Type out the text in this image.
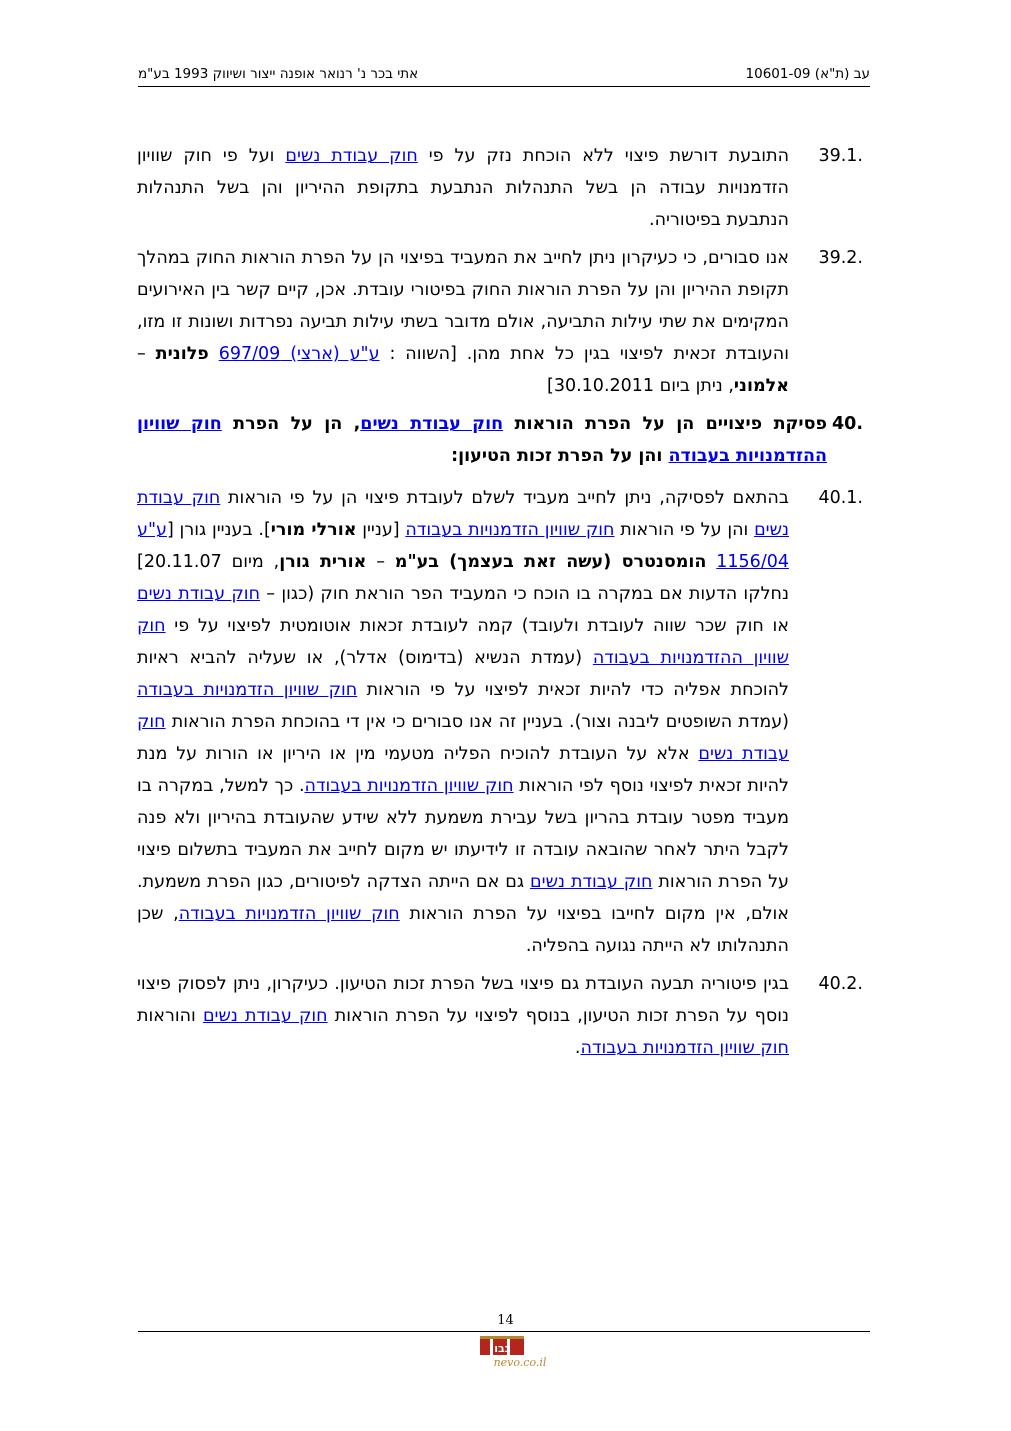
עב (ת"א) 10601-09
אתי בכר נ' רנואר אופנה ייצור ושיווק 1993 בע"מ
39.1.
התובעת דורשת פיצוי ללא הוכחת נזק על פי חוק עבודת נשים ועל פי חוק שוויון הזדמנויות עבודה הן בשל התנהלות הנתבעת בתקופת ההיריון והן בשל התנהלות הנתבעת בפיטוריה.
39.2.
אנו סבורים, כי כעיקרון ניתן לחייב את המעביד בפיצוי הן על הפרת הוראות החוק במהלך תקופת ההיריון והן על הפרת הוראות החוק בפיטורי עובדת. אכן, קיים קשר בין האירועים המקימים את שתי עילות התביעה, אולם מדובר בשתי עילות תביעה נפרדות ושונות זו מזו, והעובדת זכאית לפיצוי בגין כל אחת מהן. [השווה : ע"ע (ארצי) 697/09 פלונית – אלמוני, ניתן ביום 30.10.2011]
40.
פסיקת פיצויים הן על הפרת הוראות חוק עבודת נשים, הן על הפרת חוק שוויון ההזדמנויות בעבודה והן על הפרת זכות הטיעון:
40.1.
בהתאם לפסיקה, ניתן לחייב מעביד לשלם לעובדת פיצוי הן על פי הוראות חוק עבודת נשים והן על פי הוראות חוק שוויון הזדמנויות בעבודה [עניין אורלי מורי]. בעניין גורן [ע"ע 1156/04 הומסנטרס (עשה זאת בעצמך) בע"מ – אורית גורן, מיום 20.11.07] נחלקו הדעות אם במקרה בו הוכח כי המעביד הפר הוראת חוק (כגון – חוק עבודת נשים או חוק שכר שווה לעובדת ולעובד) קמה לעובדת זכאות אוטומטית לפיצוי על פי חוק שוויון ההזדמנויות בעבודה (עמדת הנשיא (בדימוס) אדלר), או שעליה להביא ראיות להוכחת אפליה כדי להיות זכאית לפיצוי על פי הוראות חוק שוויון הזדמנויות בעבודה (עמדת השופטים ליבנה וצור). בעניין זה אנו סבורים כי אין די בהוכחת הפרת הוראות חוק עבודת נשים אלא על העובדת להוכיח הפליה מטעמי מין או היריון או הורות על מנת להיות זכאית לפיצוי נוסף לפי הוראות חוק שוויון הזדמנויות בעבודה. כך למשל, במקרה בו מעביד מפטר עובדת בהריון בשל עבירת משמעת ללא שידע שהעובדת בהיריון ולא פנה לקבל היתר לאחר שהובאה עובדה זו לידיעתו יש מקום לחייב את המעביד בתשלום פיצוי על הפרת הוראות חוק עבודת נשים גם אם הייתה הצדקה לפיטורים, כגון הפרת משמעת. אולם, אין מקום לחייבו בפיצוי על הפרת הוראות חוק שוויון הזדמנויות בעבודה, שכן התנהלותו לא הייתה נגועה בהפליה.
40.2.
בגין פיטוריה תבעה העובדת גם פיצוי בשל הפרת זכות הטיעון. כעיקרון, ניתן לפסוק פיצוי נוסף על הפרת זכות הטיעון, בנוסף לפיצוי על הפרת הוראות חוק עבודת נשים והוראות חוק שוויון הזדמנויות בעבודה.
14
nevo.co.il
נבו
